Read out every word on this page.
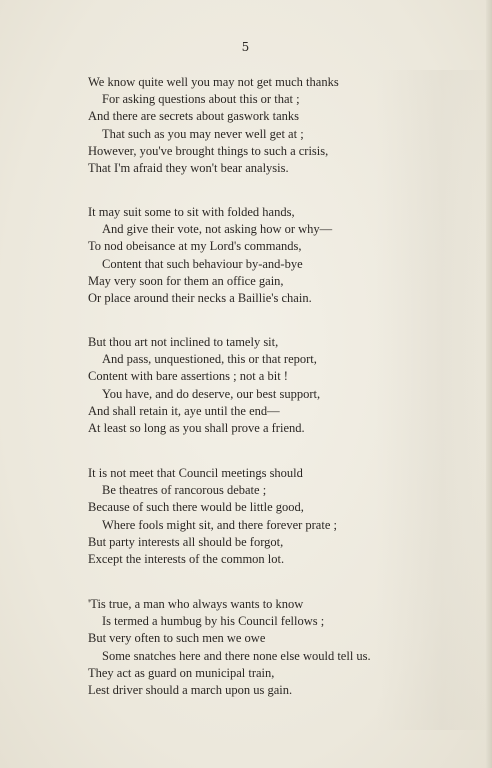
5
We know quite well you may not get much thanks
For asking questions about this or that ;
And there are secrets about gaswork tanks
That such as you may never well get at ;
However, you've brought things to such a crisis,
That I'm afraid they won't bear analysis.
It may suit some to sit with folded hands,
And give their vote, not asking how or why—
To nod obeisance at my Lord's commands,
Content that such behaviour by-and-bye
May very soon for them an office gain,
Or place around their necks a Baillie's chain.
But thou art not inclined to tamely sit,
And pass, unquestioned, this or that report,
Content with bare assertions ; not a bit !
You have, and do deserve, our best support,
And shall retain it, aye until the end—
At least so long as you shall prove a friend.
It is not meet that Council meetings should
Be theatres of rancorous debate ;
Because of such there would be little good,
Where fools might sit, and there forever prate ;
But party interests all should be forgot,
Except the interests of the common lot.
'Tis true, a man who always wants to know
Is termed a humbug by his Council fellows ;
But very often to such men we owe
Some snatches here and there none else would tell us.
They act as guard on municipal train,
Lest driver should a march upon us gain.
